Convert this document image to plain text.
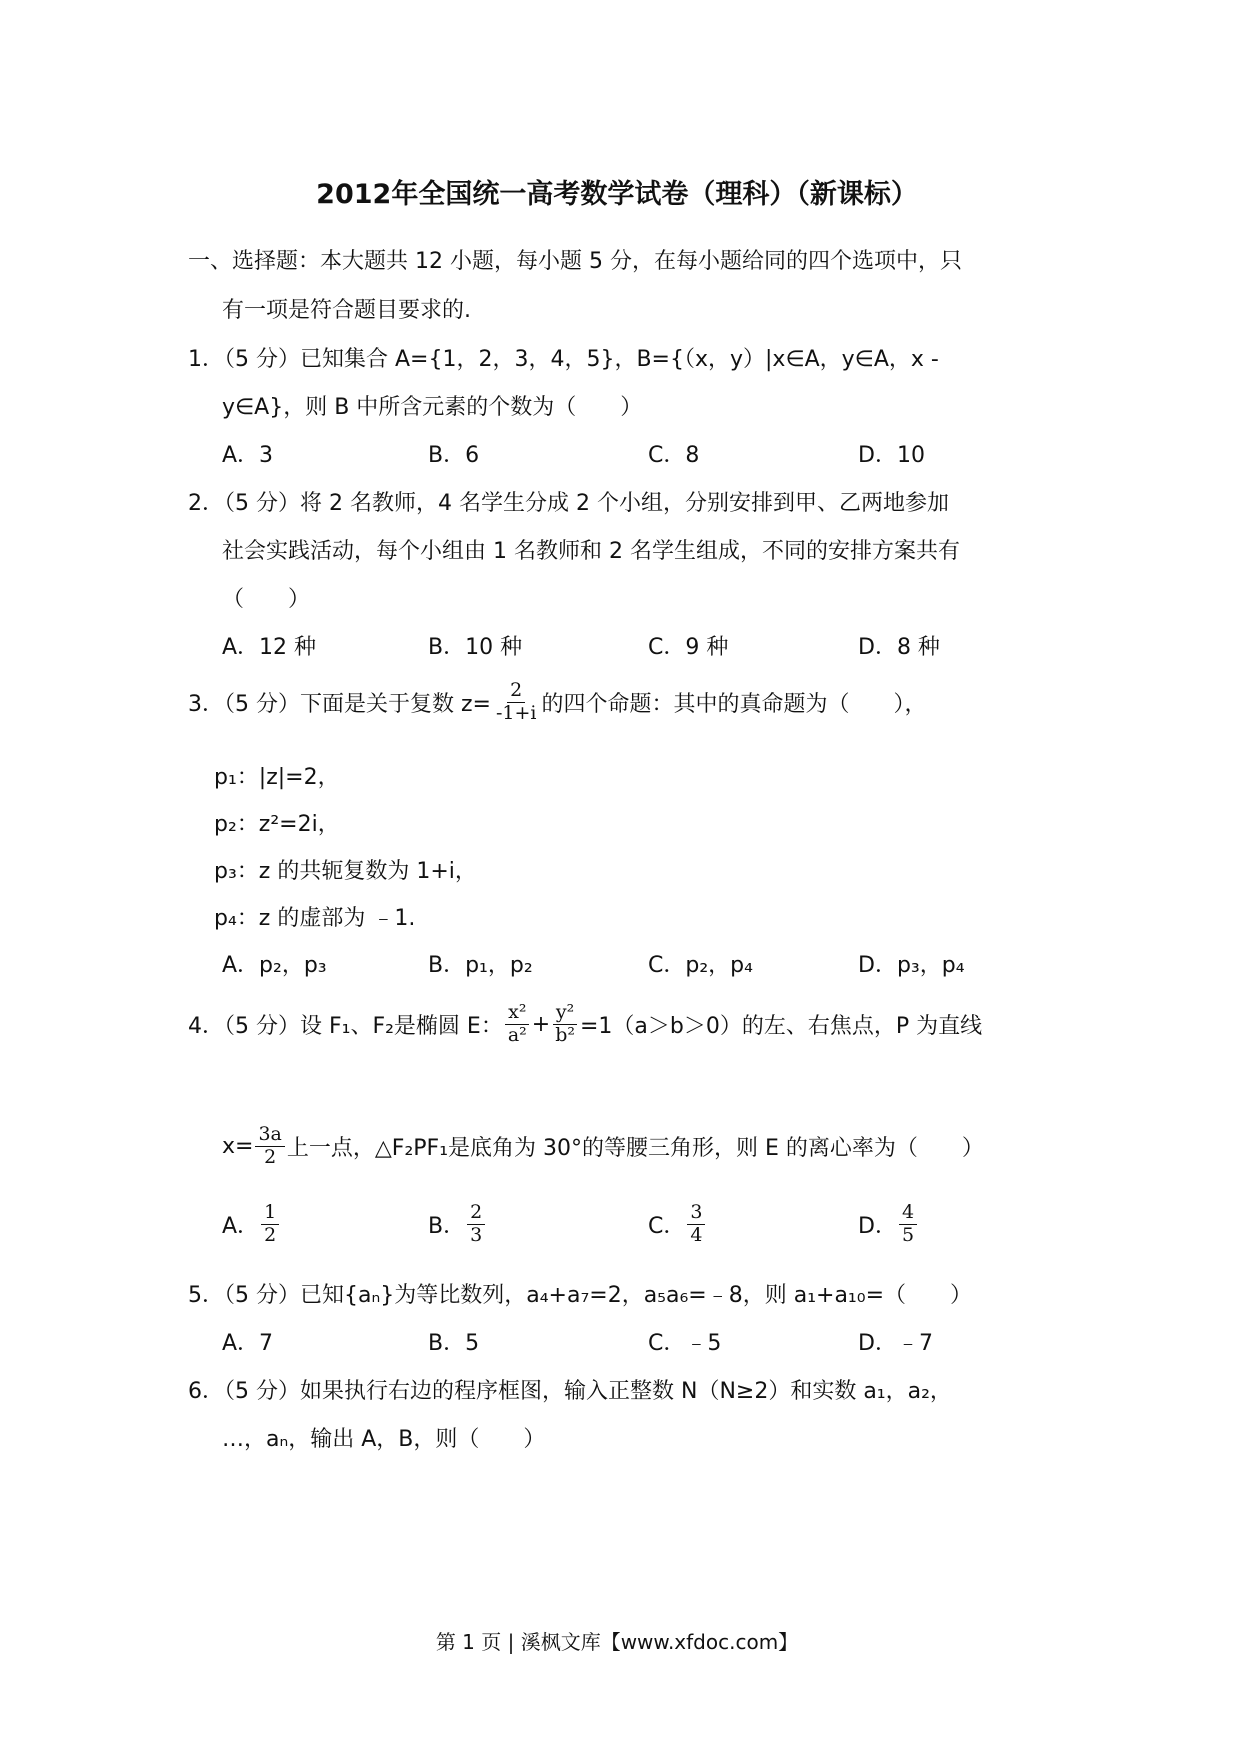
2012年全国统一高考数学试卷（理科）（新课标）
一、选择题：本大题共 12 小题，每小题 5 分，在每小题给同的四个选项中，只
有一项是符合题目要求的.
1．（5 分）已知集合 A={1，2，3，4，5}，B={（x，y）|x∈A，y∈A，x -
y∈A}，则 B 中所含元素的个数为（　　）
A．3	B．6	C．8	D．10
2．（5 分）将 2 名教师，4 名学生分成 2 个小组，分别安排到甲、乙两地参加
社会实践活动，每个小组由 1 名教师和 2 名学生组成，不同的安排方案共有
（　　）
A．12 种	B．10 种	C．9 种	D．8 种
3．（5 分）下面是关于复数 $z= \frac{2}{-1+i}$ 的四个命题：其中的真命题为（　　），
p₁：|z|=2，
p₂：z²=2i，
p₃：z 的共轭复数为 1+i，
p₄：z 的虚部为 ﹣1.
A．p₂，p₃	B．p₁，p₂	C．p₂，p₄	D．p₃，p₄
4．（5 分）设 F₁、F₂是椭圆 E： $\frac{\text{x²}}{\text{a²}} + \frac{\text{y²}}{\text{b²}} =1(a>b>0)$的左、右焦点，P 为直线
$x= \frac{3a}{2}$ 上一点，△F₂PF₁是底角为 30°的等腰三角形，则 E 的离心率为（　　）
A． $\frac{1}{2}$	B． $\frac{2}{3}$	C． $\frac{3}{4}$	D． $\frac{4}{5}$
5．（5 分）已知{aₙ}为等比数列，a₄+a₇=2，a₅a₆=﹣8，则 a₁+a₁₀=（　　）
A．7	B．5	C．﹣5	D．﹣7
6．（5 分）如果执行右边的程序框图，输入正整数 N（N≥2）和实数 a₁，a₂，
…，aₙ，输出 A，B，则（　　）
第 1 页 | 溪枫文库【www.xfdoc.com】
